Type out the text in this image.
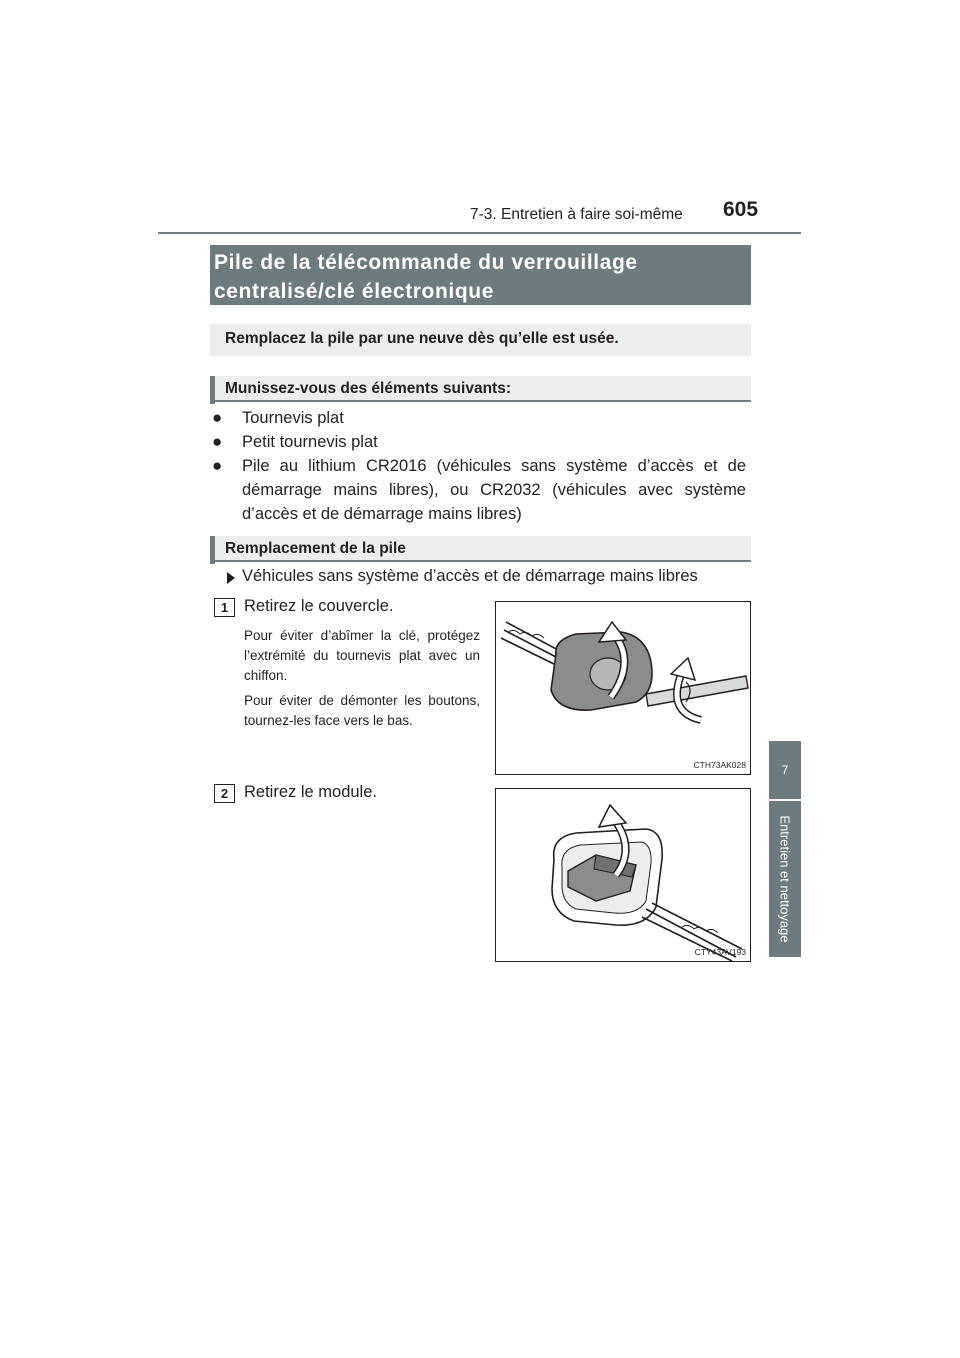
7-3. Entretien à faire soi-même 605
7
Entretien et nettoyage
Pile de la télécommande du verrouillage
centralisé/clé électronique
Remplacez la pile par une neuve dès qu’elle est usée.
Munissez-vous des éléments suivants:
● Tournevis plat
● Petit tournevis plat
● Pile au lithium CR2016 (véhicules sans système d’accès et de démarrage mains libres), ou CR2032 (véhicules avec système d’accès et de démarrage mains libres)
Remplacement de la pile
Véhicules sans système d’accès et de démarrage mains libres
1 Retirez le couvercle.
Pour éviter d’abîmer la clé, protégez l’extrémité du tournevis plat avec un chiffon.
Pour éviter de démonter les boutons, tournez-les face vers le bas.
CTH73AK028
2 Retirez le module.
CTY43AV193
